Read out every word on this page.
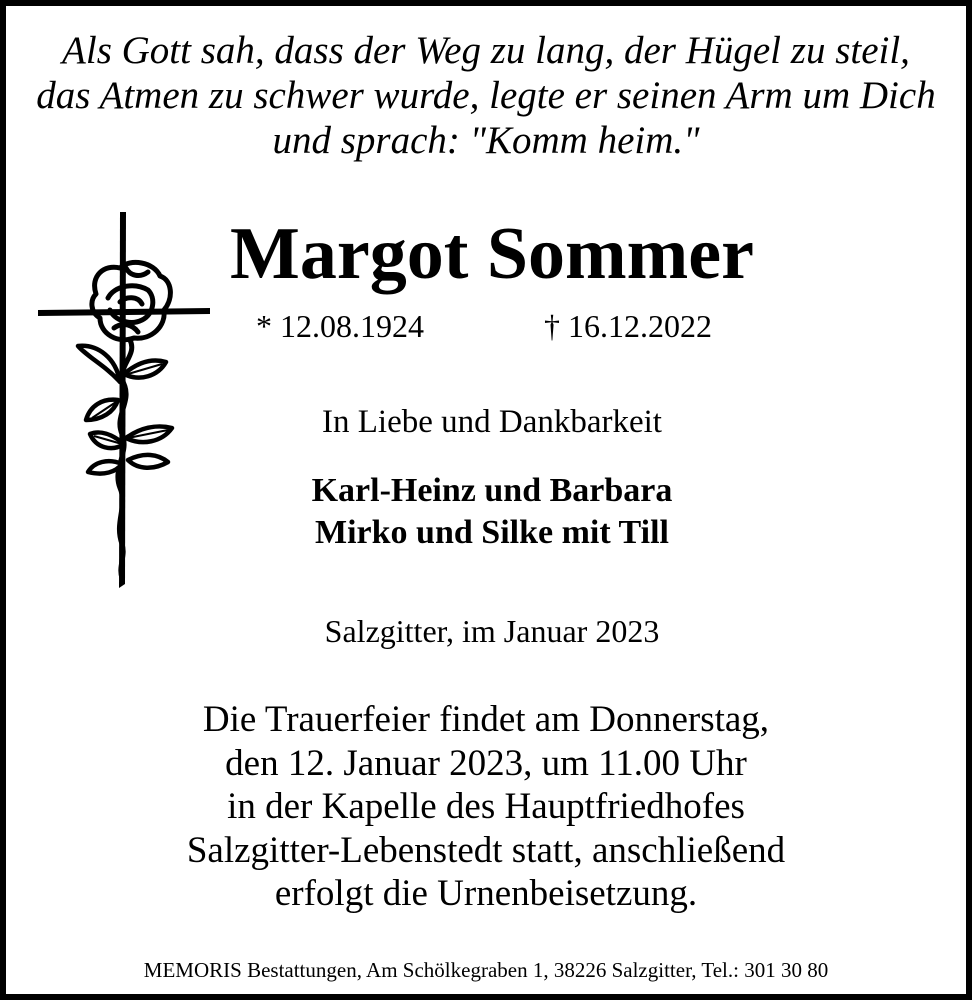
Als Gott sah, dass der Weg zu lang, der Hügel zu steil,
das Atmen zu schwer wurde, legte er seinen Arm um Dich
und sprach: "Komm heim."
Margot Sommer
* 12.08.1924	† 16.12.2022
In Liebe und Dankbarkeit
Karl-Heinz und Barbara
Mirko und Silke mit Till
Salzgitter, im Januar 2023
Die Trauerfeier findet am Donnerstag,
den 12. Januar 2023, um 11.00 Uhr
in der Kapelle des Hauptfriedhofes
Salzgitter-Lebenstedt statt, anschließend
erfolgt die Urnenbeisetzung.
MEMORIS Bestattungen, Am Schölkegraben 1, 38226 Salzgitter, Tel.: 301 30 80
